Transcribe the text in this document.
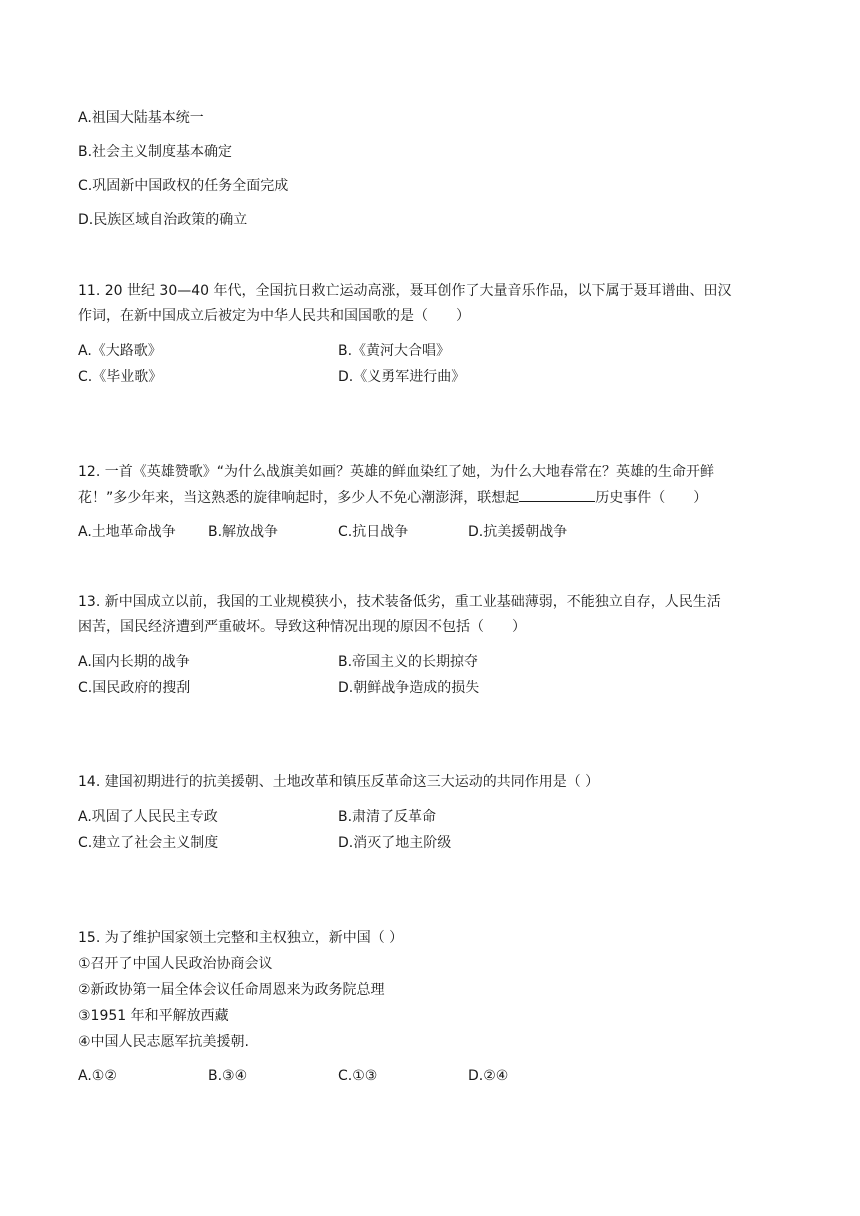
A.祖国大陆基本统一
B.社会主义制度基本确定
C.巩固新中国政权的任务全面完成
D.民族区域自治政策的确立
11. 20 世纪 30—40 年代，全国抗日救亡运动高涨，聂耳创作了大量音乐作品，以下属于聂耳谱曲、田汉
作词，在新中国成立后被定为中华人民共和国国歌的是（　　）
A.《大路歌》	B.《黄河大合唱》
C.《毕业歌》	D.《义勇军进行曲》
12. 一首《英雄赞歌》“为什么战旗美如画？英雄的鲜血染红了她，为什么大地春常在？英雄的生命开鲜
花！”多少年来，当这熟悉的旋律响起时，多少人不免心潮澎湃，联想起	历史事件（　　）
A.土地革命战争 B.解放战争	C.抗日战争	D.抗美援朝战争
13. 新中国成立以前，我国的工业规模狭小，技术装备低劣，重工业基础薄弱，不能独立自存，人民生活
困苦，国民经济遭到严重破坏。导致这种情况出现的原因不包括（　　）
A.国内长期的战争	B.帝国主义的长期掠夺
C.国民政府的搜刮	D.朝鲜战争造成的损失
14. 建国初期进行的抗美援朝、土地改革和镇压反革命这三大运动的共同作用是（ ）
A.巩固了人民民主专政	B.肃清了反革命
C.建立了社会主义制度	D.消灭了地主阶级
15. 为了维护国家领土完整和主权独立，新中国（ ）
①召开了中国人民政治协商会议
②新政协第一届全体会议任命周恩来为政务院总理
③1951 年和平解放西藏
④中国人民志愿军抗美援朝.
A.①②	B.③④	C.①③	D.②④
